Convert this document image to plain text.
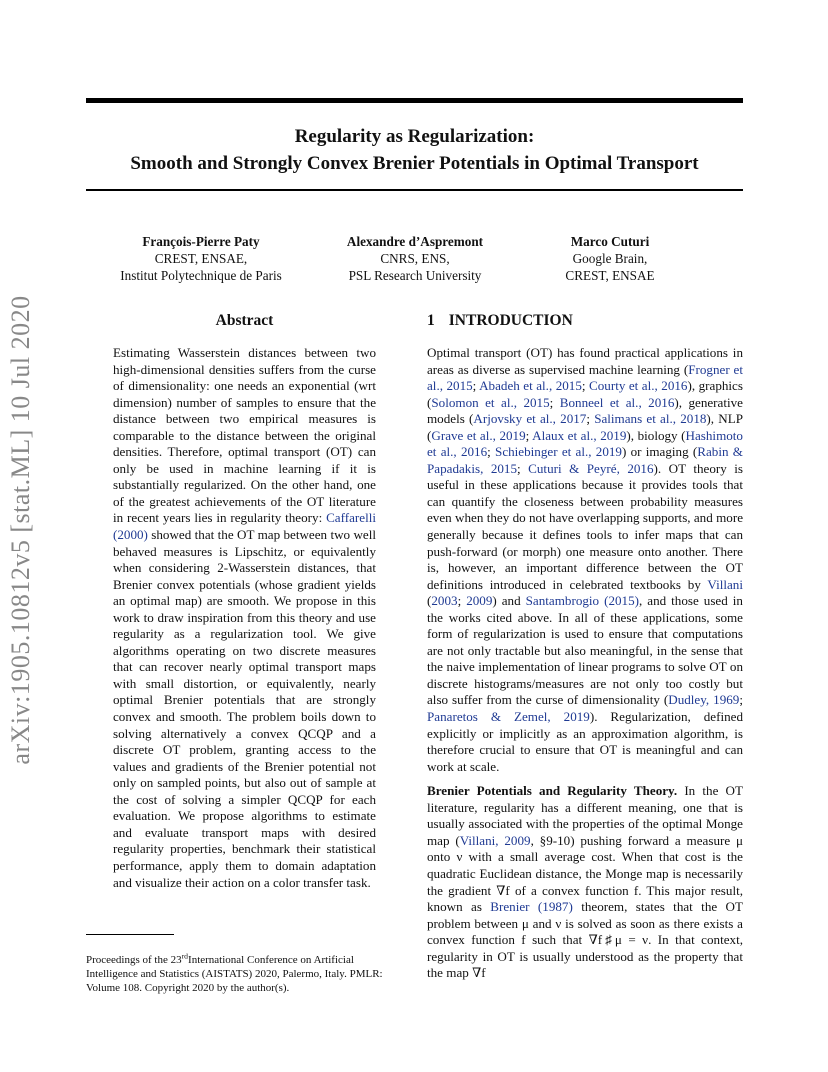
arXiv:1905.10812v5 [stat.ML] 10 Jul 2020
Regularity as Regularization:
Smooth and Strongly Convex Brenier Potentials in Optimal Transport
François-Pierre Paty
CREST, ENSAE,
Institut Polytechnique de Paris
Alexandre d’Aspremont
CNRS, ENS,
PSL Research University
Marco Cuturi
Google Brain,
CREST, ENSAE
Abstract

Estimating Wasserstein distances between two high-dimensional densities suffers from the curse of dimensionality: one needs an exponential (wrt dimension) number of samples to ensure that the distance between two empirical measures is comparable to the distance between the original densities. Therefore, optimal transport (OT) can only be used in machine learning if it is substantially regularized. On the other hand, one of the greatest achievements of the OT literature in recent years lies in regularity theory: Caffarelli (2000) showed that the OT map between two well behaved measures is Lipschitz, or equivalently when considering 2-Wasserstein distances, that Brenier convex potentials (whose gradient yields an optimal map) are smooth. We propose in this work to draw inspiration from this theory and use regularity as a regularization tool. We give algorithms operating on two discrete measures that can recover nearly optimal transport maps with small distortion, or equivalently, nearly optimal Brenier potentials that are strongly convex and smooth. The problem boils down to solving alternatively a convex QCQP and a discrete OT problem, granting access to the values and gradients of the Brenier potential not only on sampled points, but also out of sample at the cost of solving a simpler QCQP for each evaluation. We propose algorithms to estimate and evaluate transport maps with desired regularity properties, benchmark their statistical performance, apply them to domain adaptation and visualize their action on a color transfer task.

1 INTRODUCTION

Optimal transport (OT) has found practical applications in areas as diverse as supervised machine learning (Frogner et al., 2015; Abadeh et al., 2015; Courty et al., 2016), graphics (Solomon et al., 2015; Bonneel et al., 2016), generative models (Arjovsky et al., 2017; Salimans et al., 2018), NLP (Grave et al., 2019; Alaux et al., 2019), biology (Hashimoto et al., 2016; Schiebinger et al., 2019) or imaging (Rabin & Papadakis, 2015; Cuturi & Peyré, 2016). OT theory is useful in these applications because it provides tools that can quantify the closeness between probability measures even when they do not have overlapping supports, and more generally because it defines tools to infer maps that can push-forward (or morph) one measure onto another. There is, however, an important difference between the OT definitions introduced in celebrated textbooks by Villani (2003; 2009) and Santambrogio (2015), and those used in the works cited above. In all of these applications, some form of regularization is used to ensure that computations are not only tractable but also meaningful, in the sense that the naive implementation of linear programs to solve OT on discrete histograms/measures are not only too costly but also suffer from the curse of dimensionality (Dudley, 1969; Panaretos & Zemel, 2019). Regularization, defined explicitly or implicitly as an approximation algorithm, is therefore crucial to ensure that OT is meaningful and can work at scale.

Brenier Potentials and Regularity Theory. In the OT literature, regularity has a different meaning, one that is usually associated with the properties of the optimal Monge map (Villani, 2009, §9-10) pushing forward a measure μ onto ν with a small average cost. When that cost is the quadratic Euclidean distance, the Monge map is necessarily the gradient ∇f of a convex function f. This major result, known as Brenier (1987) theorem, states that the OT problem between μ and ν is solved as soon as there exists a convex function f such that ∇f♯μ = ν. In that context, regularity in OT is usually understood as the property that the map ∇f

Proceedings of the 23rdInternational Conference on Artificial Intelligence and Statistics (AISTATS) 2020, Palermo, Italy. PMLR: Volume 108. Copyright 2020 by the author(s).
